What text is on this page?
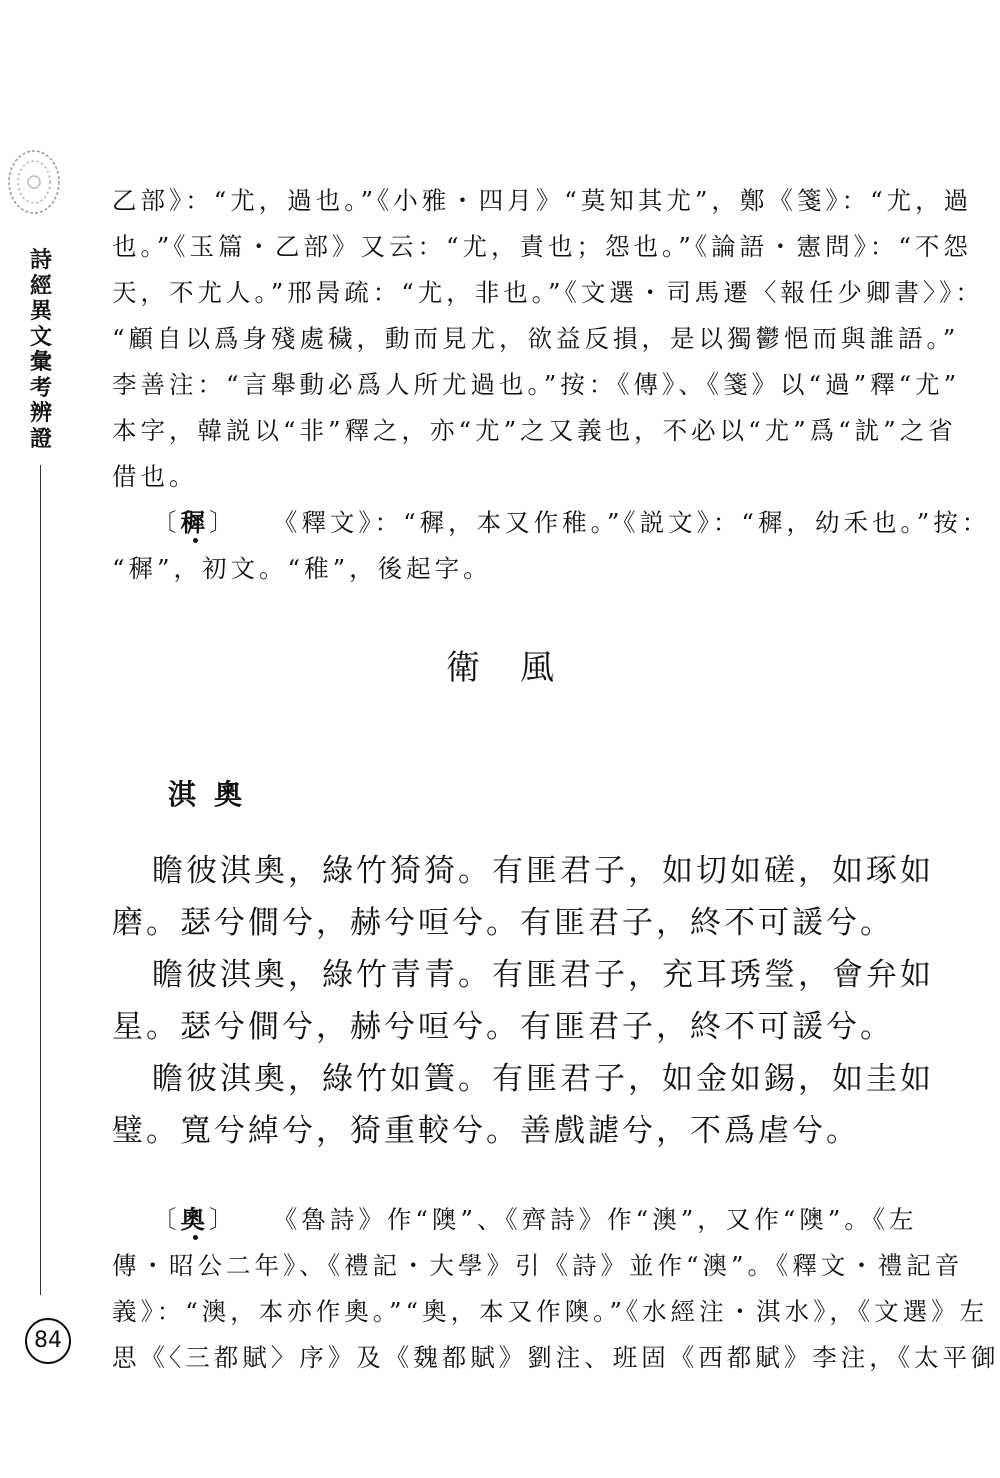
詩經異文彙考辨證
84

乙部》：“尤，過也。”《小雅・四月》“莫知其尤”，鄭《箋》：“尤，過

也。”《玉篇・乙部》又云：“尤，責也；怨也。”《論語・憲問》：“不怨

天，不尤人。”邢昺疏：“尤，非也。”《文選・司馬遷〈報任少卿書〉》：

“顧自以爲身殘處穢，動而見尤，欲益反損，是以獨鬱悒而與誰語。”

李善注：“言舉動必爲人所尤過也。”按：《傳》、《箋》以“過”釋“尤”

本字，韓説以“非”釋之，亦“尤”之又義也，不必以“尤”爲“訧”之省

借也。

〔穉〕 《釋文》：“穉，本又作稚。”《説文》：“穉，幼禾也。”按：

“穉”，初文。“稚”，後起字。

衛風
淇奧

瞻彼淇奧，綠竹猗猗。有匪君子，如切如磋，如琢如

磨。瑟兮僴兮，赫兮咺兮。有匪君子，終不可諼兮。

瞻彼淇奧，綠竹青青。有匪君子，充耳琇瑩，會弁如

星。瑟兮僴兮，赫兮咺兮。有匪君子，終不可諼兮。

瞻彼淇奧，綠竹如簀。有匪君子，如金如錫，如圭如

璧。寬兮綽兮，猗重較兮。善戲謔兮，不爲虐兮。

〔奧〕 《魯詩》作“隩”、《齊詩》作“澳”，又作“隩”。《左

傳・昭公二年》、《禮記・大學》引《詩》並作“澳”。《釋文・禮記音

義》：“澳，本亦作奧。”“奧，本又作隩。”《水經注・淇水》，《文選》左

思《〈三都賦〉序》及《魏都賦》劉注、班固《西都賦》李注，《太平御
